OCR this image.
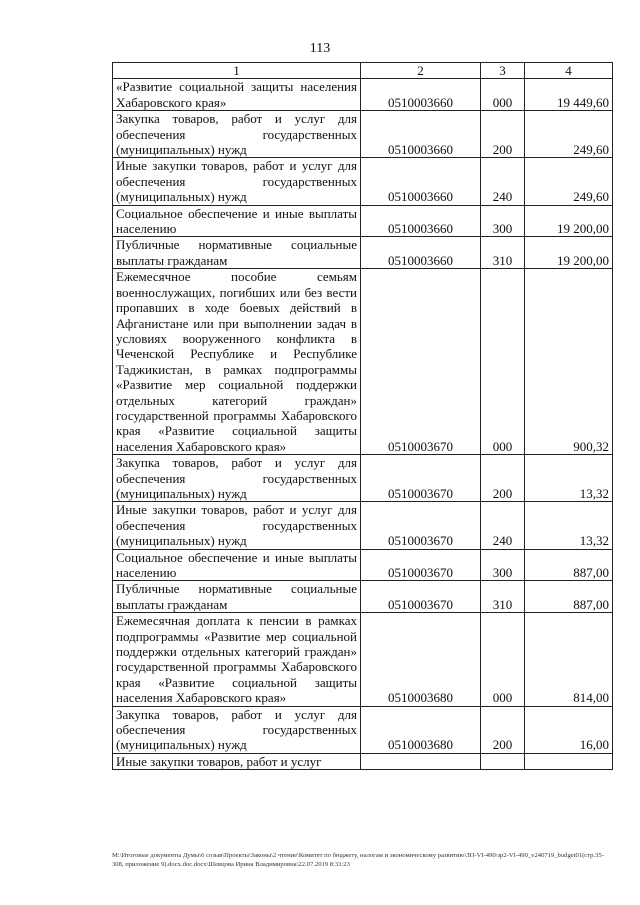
113
1	2	3	4
«Развитие социальной защиты населения Хабаровского края»	0510003660	000	19 449,60
Закупка товаров, работ и услуг для обеспечения государственных (муниципальных) нужд	0510003660	200	249,60
Иные закупки товаров, работ и услуг для обеспечения государственных (муниципальных) нужд	0510003660	240	249,60
Социальное обеспечение и иные выплаты населению	0510003660	300	19 200,00
Публичные нормативные социальные выплаты гражданам	0510003660	310	19 200,00
Ежемесячное пособие семьям военнослужащих, погибших или без вести пропавших в ходе боевых действий в Афганистане или при выполнении задач в условиях вооруженного конфликта в Чеченской Республике и Республике Таджикистан, в рамках подпрограммы «Развитие мер социальной поддержки отдельных категорий граждан» государственной программы Хабаровского края «Развитие социальной защиты населения Хабаровского края»	0510003670	000	900,32
Закупка товаров, работ и услуг для обеспечения государственных (муниципальных) нужд	0510003670	200	13,32
Иные закупки товаров, работ и услуг для обеспечения государственных (муниципальных) нужд	0510003670	240	13,32
Социальное обеспечение и иные выплаты населению	0510003670	300	887,00
Публичные нормативные социальные выплаты гражданам	0510003670	310	887,00
Ежемесячная доплата к пенсии в рамках подпрограммы «Развитие мер социальной поддержки отдельных категорий граждан» государственной программы Хабаровского края «Развитие социальной защиты населения Хабаровского края»	0510003680	000	814,00
Закупка товаров, работ и услуг для обеспечения государственных (муниципальных) нужд	0510003680	200	16,00
Иные закупки товаров, работ и услуг			
M:\Итоговые документы Думы\6 созыв\Проекты\Законы\2 чтение\Комитет по бюджету, налогам и экономическому развитию\ЗП-VI-490\зр2-VI-490_v240719_budget01(стр.35-308, приложение 9).docx.doc.docx\Шевцова Ирина Владимировна\22.07.2019 8:33:23
